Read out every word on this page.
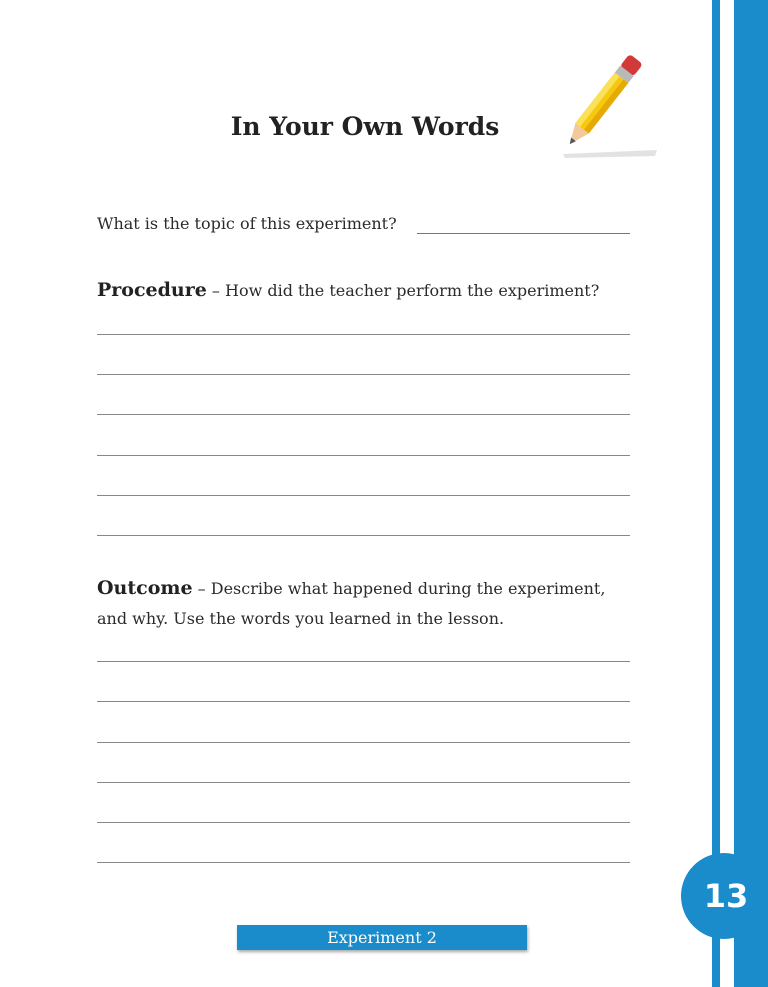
In Your Own Words
What is the topic of this experiment?
Procedure – How did the teacher perform the experiment?
Outcome – Describe what happened during the experiment, and why. Use the words you learned in the lesson.
13
Experiment 2
